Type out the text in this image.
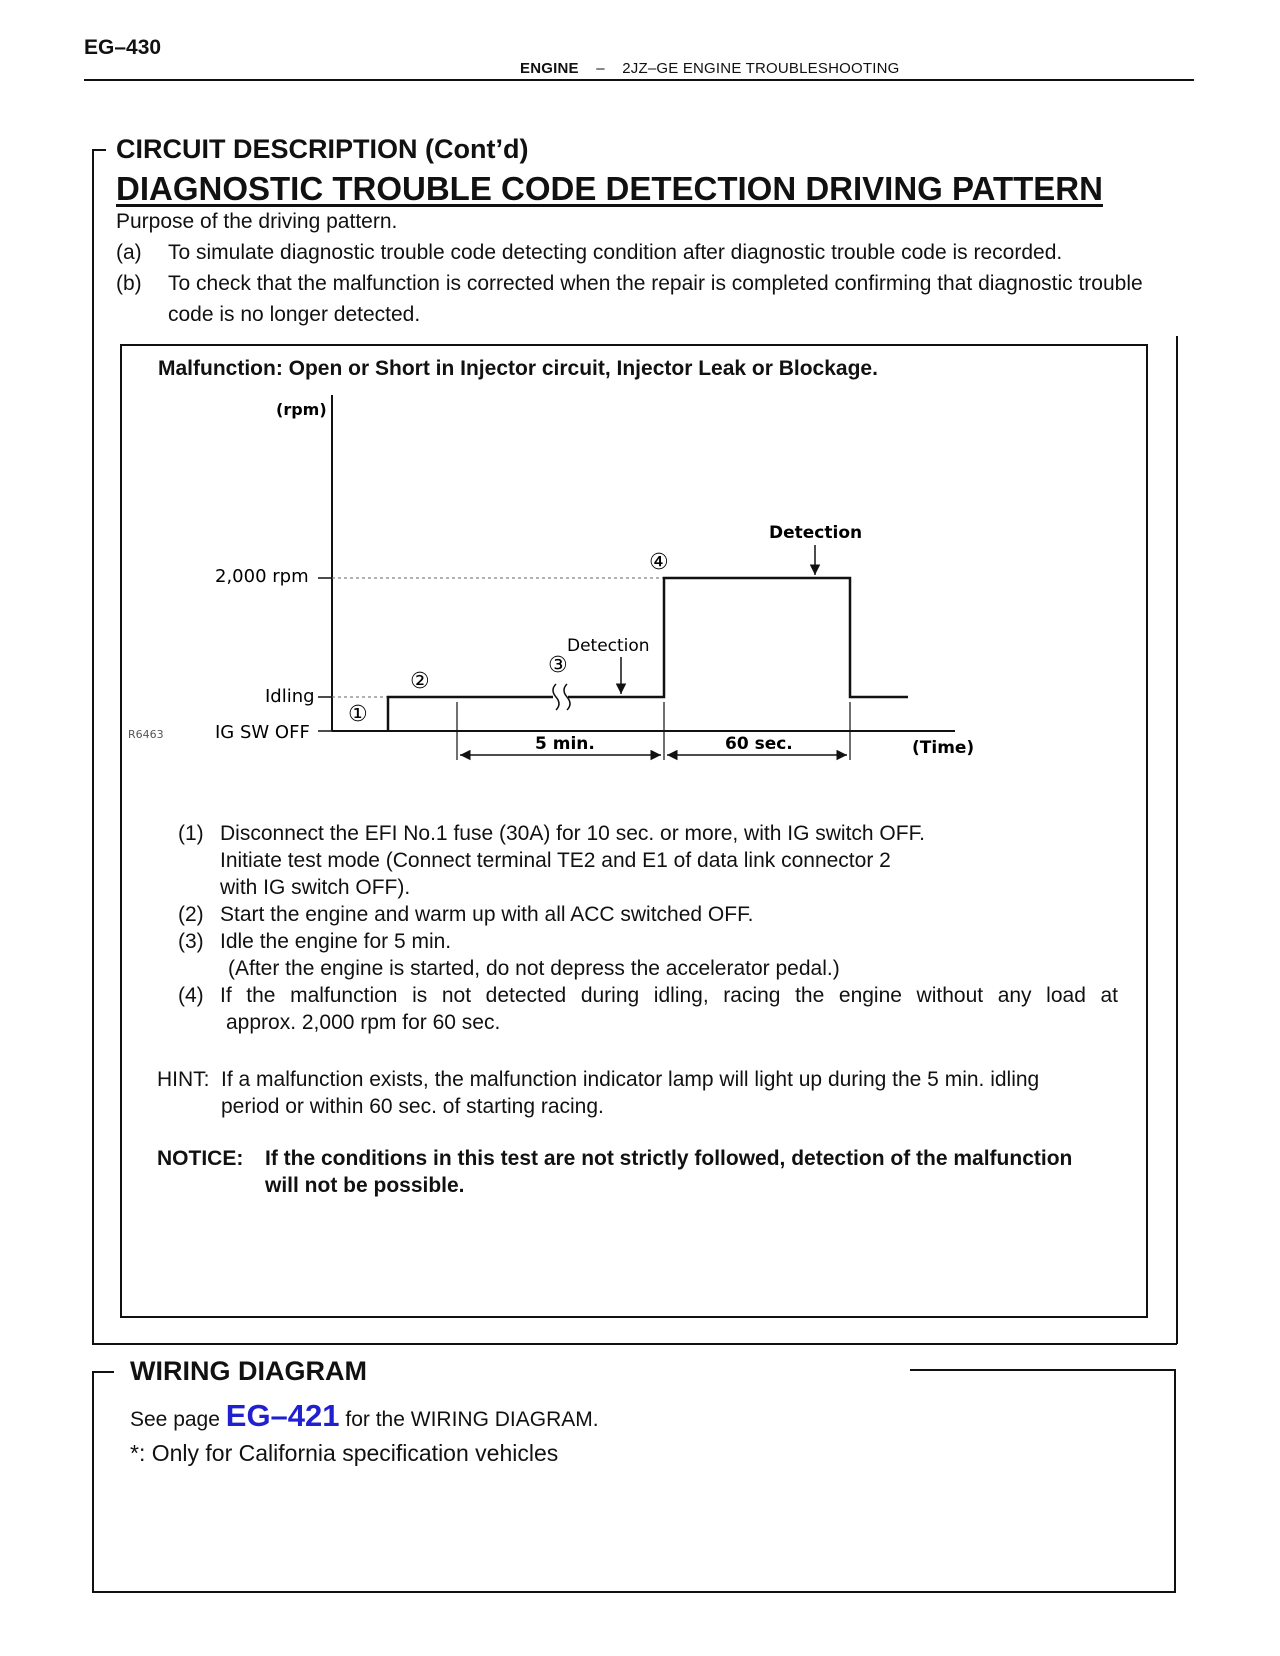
EG–430
ENGINE – 2JZ–GE ENGINE TROUBLESHOOTING
CIRCUIT DESCRIPTION (Cont’d)
DIAGNOSTIC TROUBLE CODE DETECTION DRIVING PATTERN
Purpose of the driving pattern.
(a)	To simulate diagnostic trouble code detecting condition after diagnostic trouble code is recorded.
(b)	To check that the malfunction is corrected when the repair is completed confirming that diagnostic trouble code is no longer detected.
Malfunction: Open or Short in Injector circuit, Injector Leak or Blockage.
(rpm)
(Time)
2,000 rpm
Idling
IG SW OFF
R6463	5 min.	60 sec.
Detection
Detection
①
②
③
④
(1) Disconnect the EFI No.1 fuse (30A) for 10 sec. or more, with IG switch OFF.
Initiate test mode (Connect terminal TE2 and E1 of data link connector 2
with IG switch OFF).
(2) Start the engine and warm up with all ACC switched OFF.
(3) Idle the engine for 5 min.
(After the engine is started, do not depress the accelerator pedal.)
(4) If the malfunction is not detected during idling, racing the engine without any load at
approx. 2,000 rpm for 60 sec.
HINT: If a malfunction exists, the malfunction indicator lamp will light up during the 5 min. idling
period or within 60 sec. of starting racing.
NOTICE:	If the conditions in this test are not strictly followed, detection of the malfunction
will not be possible.
WIRING DIAGRAM
See page EG–421 for the WIRING DIAGRAM.
*: Only for California specification vehicles
